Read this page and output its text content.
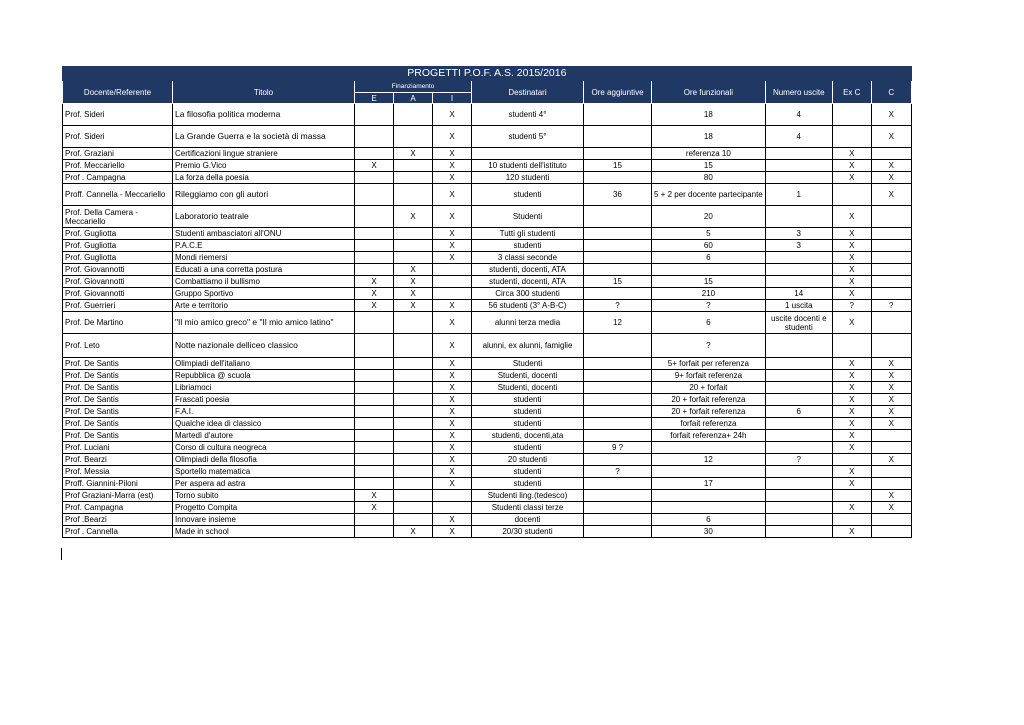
PROGETTI P.O.F. A.S. 2015/2016										
Docente/Referente	Titolo	Finanziamento			Destinatari	Ore aggiuntive	Ore funzionali	Numero uscite	Ex C	C
		E	A	I						
Prof. Sideri	La filosofia politica moderna			X	studenti 4°		18	4		X
Prof. Sideri	La Grande Guerra e la società di massa			X	studenti 5°		18	4		X
Prof. Graziani	Certificazioni lingue straniere		X	X			referenza 10		X	
Prof. Meccariello	Premio G.Vico	X		X	10 studenti dell'istituto	15	15		X	X
Prof . Campagna	La forza della poesia			X	120 studenti		80		X	X
Proff. Cannella - Meccariello	Rileggiamo con gli autori			X	studenti	36	5 + 2 per docente partecipante	1		X
Prof. Della Camera - Meccariello	Laboratorio teatrale		X	X	Studenti		20		X	
Prof. Gugliotta	Studenti ambasciatori all'ONU			X	Tutti gli studenti		5	3	X	
Prof. Gugliotta	P.A.C.E			X	studenti		60	3	X	
Prof. Gugliotta	Mondi riemersi			X	3 classi seconde		6		X	
Prof. Giovannotti	Educati a una corretta postura		X		studenti, docenti, ATA				X	
Prof. Giovannotti	Combattiamo il bullismo	X	X		studenti, docenti, ATA	15	15		X	
Prof. Giovannotti	Gruppo Sportivo	X	X		Circa 300 studenti		210	14	X	
Prof. Guerrieri	Arte e territorio	X	X	X	56 studenti (3° A-B-C)	?	?	1 uscita	?	?
Prof. De Martino	"Il mio amico greco" e "Il mio amico latino"			X	alunni terza media	12	6	uscite docenti e studenti	X	
Prof. Leto	Notte nazionale delliceo classico			X	alunni, ex alunni, famiglie		?			
Prof. De Santis	Olimpiadi dell'italiano			X	Studenti		5+ forfait per referenza		X	X
Prof. De Santis	Repubblica @ scuola			X	Studenti, docenti		9+ forfait referenza		X	X
Prof. De Santis	Libriamoci			X	Studenti, docenti		20 + forfait		X	X
Prof. De Santis	Frascati poesia			X	studenti		20 + forfait referenza		X	X
Prof. De Santis	F.A.I.			X	studenti		20 + forfait referenza	6	X	X
Prof. De Santis	Qualche idea di classico			X	studenti		forfait referenza		X	X
Prof. De Santis	Martedì d'autore			X	studenti, docenti,ata		forfait referenza+ 24h		X	
Prof. Luciani	Corso di cultura neogreca			X	studenti	9 ?			X	
Prof. Bearzi	Olimpiadi della filosofia			X	20 studenti		12	?		X
Prof. Messia	Sportello matematica			X	studenti	?			X	
Proff. Giannini-Piloni	Per aspera ad astra			X	studenti		17		X	
Prof Graziani-Marra (est)	Torno subito	X			Studenti ling.(tedesco)					X
Prof. Campagna	Progetto Compita	X			Studenti classi terze				X	X
Prof .Bearzi	Innovare insieme			X	docenti		6			
Prof . Cannella	Made in school		X	X	20/30 studenti		30		X	
